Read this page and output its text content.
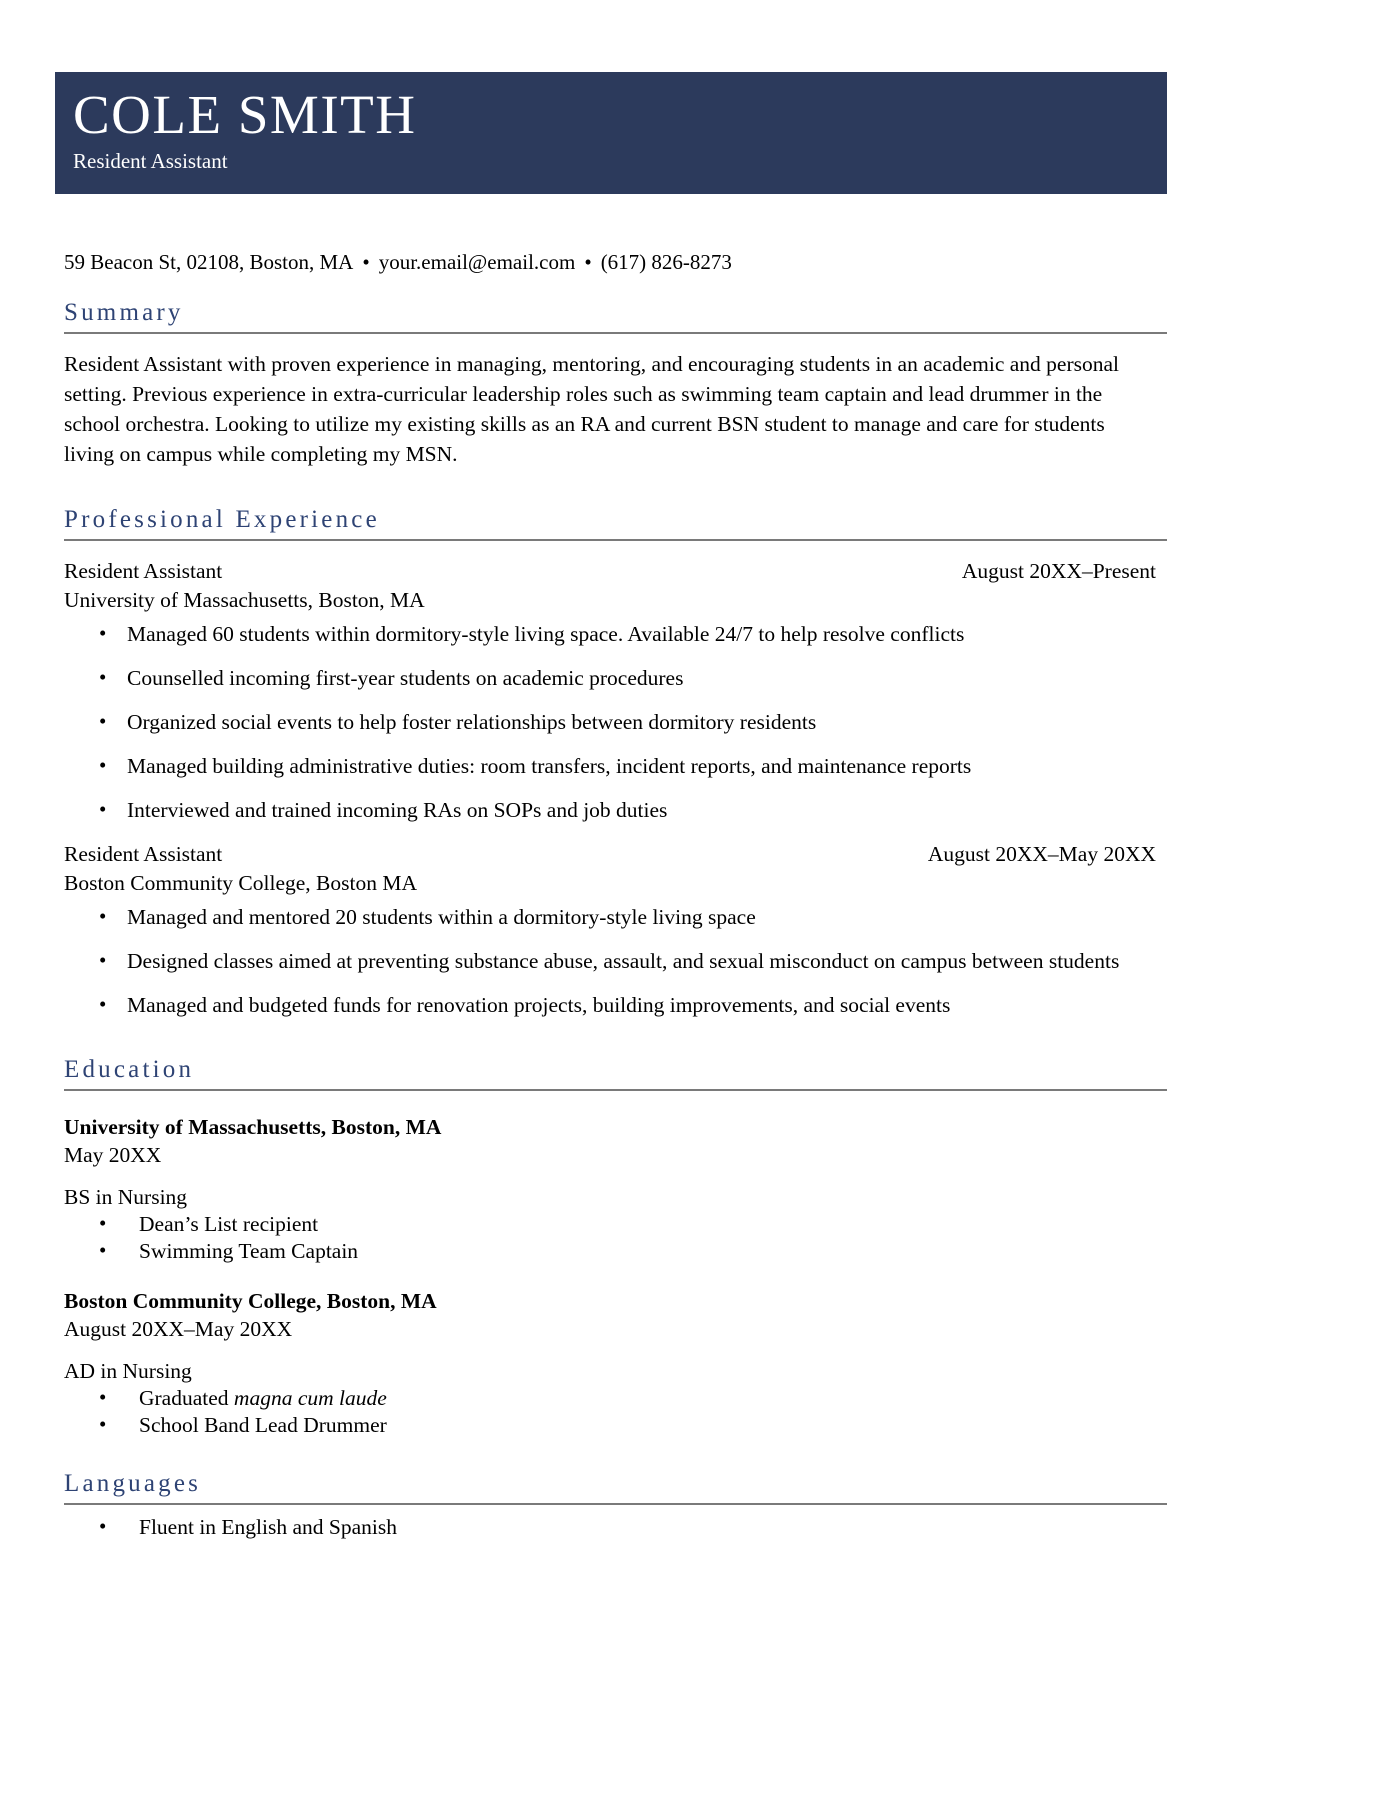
COLE SMITH
Resident Assistant
59 Beacon St, 02108, Boston, MA • your.email@email.com • (617) 826-8273
Summary
Resident Assistant with proven experience in managing, mentoring, and encouraging students in an academic and personal setting. Previous experience in extra-curricular leadership roles such as swimming team captain and lead drummer in the school orchestra. Looking to utilize my existing skills as an RA and current BSN student to manage and care for students living on campus while completing my MSN.
Professional Experience
Resident Assistant	August 20XX–Present
University of Massachusetts, Boston, MA
• Managed 60 students within dormitory-style living space. Available 24/7 to help resolve conflicts
• Counselled incoming first-year students on academic procedures
• Organized social events to help foster relationships between dormitory residents
• Managed building administrative duties: room transfers, incident reports, and maintenance reports
• Interviewed and trained incoming RAs on SOPs and job duties
Resident Assistant	August 20XX–May 20XX
Boston Community College, Boston MA
• Managed and mentored 20 students within a dormitory-style living space
• Designed classes aimed at preventing substance abuse, assault, and sexual misconduct on campus between students
• Managed and budgeted funds for renovation projects, building improvements, and social events
Education
University of Massachusetts, Boston, MA
May 20XX
BS in Nursing
• Dean’s List recipient
• Swimming Team Captain
Boston Community College, Boston, MA
August 20XX–May 20XX
AD in Nursing
• Graduated magna cum laude
• School Band Lead Drummer
Languages
• Fluent in English and Spanish
